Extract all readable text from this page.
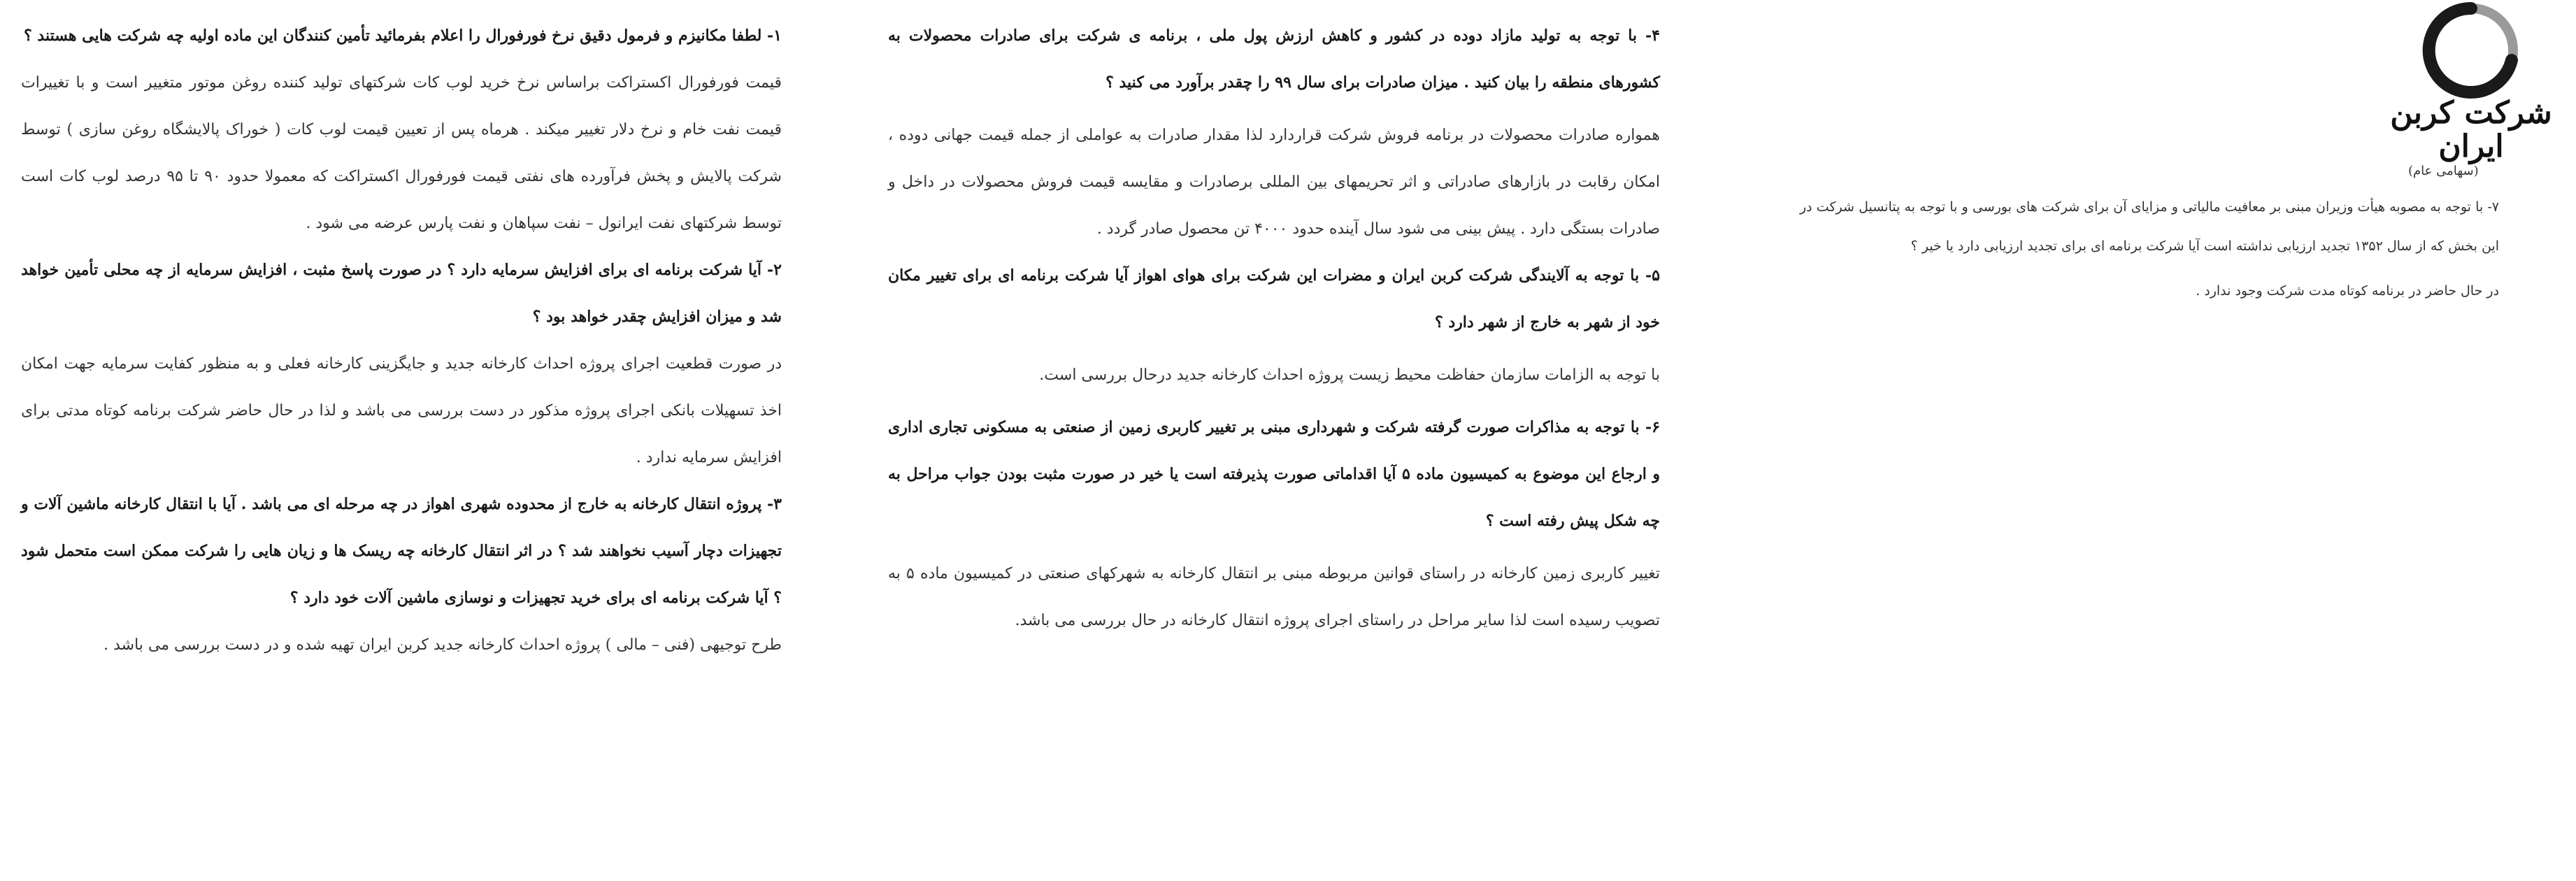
۱- لطفا مکانیزم و فرمول دقیق نرخ فورفورال را اعلام بفرمائید تأمین کنندگان این ماده اولیه چه شرکت هایی هستند ؟

قیمت فورفورال اکستراکت براساس نرخ خرید لوب کات شرکتهای تولید کننده روغن موتور متغییر است و با تغییرات قیمت نفت خام و نرخ دلار تغییر میکند . هرماه پس از تعیین قیمت لوب کات ( خوراک پالایشگاه روغن سازی ) توسط شرکت پالایش و پخش فرآورده های نفتی قیمت فورفورال اکستراکت که معمولا حدود ۹۰ تا ۹۵ درصد لوب کات است توسط شرکتهای نفت ایرانول – نفت سپاهان و نفت پارس عرضه می شود .

۲- آیا شرکت برنامه ای برای افزایش سرمایه دارد ؟ در صورت پاسخ مثبت ، افزایش سرمایه از چه محلی تأمین خواهد شد و میزان افزایش چقدر خواهد بود ؟

در صورت قطعیت اجرای پروژه احداث کارخانه جدید و جایگزینی کارخانه فعلی و به منظور کفایت سرمایه جهت امکان اخذ تسهیلات بانکی اجرای پروژه مذکور در دست بررسی می باشد و لذا در حال حاضر شرکت برنامه کوتاه مدتی برای افزایش سرمایه ندارد .

۳- پروژه انتقال کارخانه به خارج از محدوده شهری اهواز در چه مرحله ای می باشد . آیا با انتقال کارخانه ماشین آلات و تجهیزات دچار آسیب نخواهند شد ؟ در اثر انتقال کارخانه چه ریسک ها و زیان هایی را شرکت ممکن است متحمل شود ؟ آیا شرکت برنامه ای برای خرید تجهیزات و نوسازی ماشین آلات خود دارد ؟

طرح توجیهی (فنی – مالی ) پروژه احداث کارخانه جدید کربن ایران تهیه شده و در دست بررسی می باشد .

۴- با توجه به تولید مازاد دوده در کشور و کاهش ارزش پول ملی ، برنامه ی شرکت برای صادرات محصولات به کشورهای منطقه را بیان کنید . میزان صادرات برای سال ۹۹ را چقدر برآورد می کنید ؟

همواره صادرات محصولات در برنامه فروش شرکت قراردارد لذا مقدار صادرات به عواملی از جمله قیمت جهانی دوده ، امکان رقابت در بازارهای صادراتی و اثر تحریمهای بین المللی برصادرات و مقایسه قیمت فروش محصولات در داخل و صادرات بستگی دارد . پیش بینی می شود سال آینده حدود ۴۰۰۰ تن محصول صادر گردد .

۵- با توجه به آلایندگی شرکت کربن ایران و مضرات این شرکت برای هوای اهواز آیا شرکت برنامه ای برای تغییر مکان خود از شهر به خارج از شهر دارد ؟

با توجه به الزامات سازمان حفاظت محیط زیست پروژه احداث کارخانه جدید درحال بررسی است.

۶- با توجه به مذاکرات صورت گرفته شرکت و شهرداری مبنی بر تغییر کاربری زمین از صنعتی به مسکونی تجاری اداری و ارجاع این موضوع به کمیسیون ماده ۵ آیا اقداماتی صورت پذیرفته است یا خیر در صورت مثبت بودن جواب مراحل به چه شکل پیش رفته است ؟

تغییر کاربری زمین کارخانه در راستای قوانین مربوطه مبنی بر انتقال کارخانه به شهرکهای صنعتی در کمیسیون ماده ۵ به تصویب رسیده است لذا سایر مراحل در راستای اجرای پروژه انتقال کارخانه در حال بررسی می باشد.

شرکت کربن ایران
(سهامی عام)

۷- با توجه به مصوبه هیأت وزیران مبنی بر معافیت مالیاتی و مزایای آن برای شرکت های بورسی و با توجه به پتانسیل شرکت در این بخش که از سال ۱۳۵۲ تجدید ارزیابی نداشته است آیا شرکت برنامه ای برای تجدید ارزیابی دارد یا خیر ؟

در حال حاضر در برنامه کوتاه مدت شرکت وجود ندارد .
